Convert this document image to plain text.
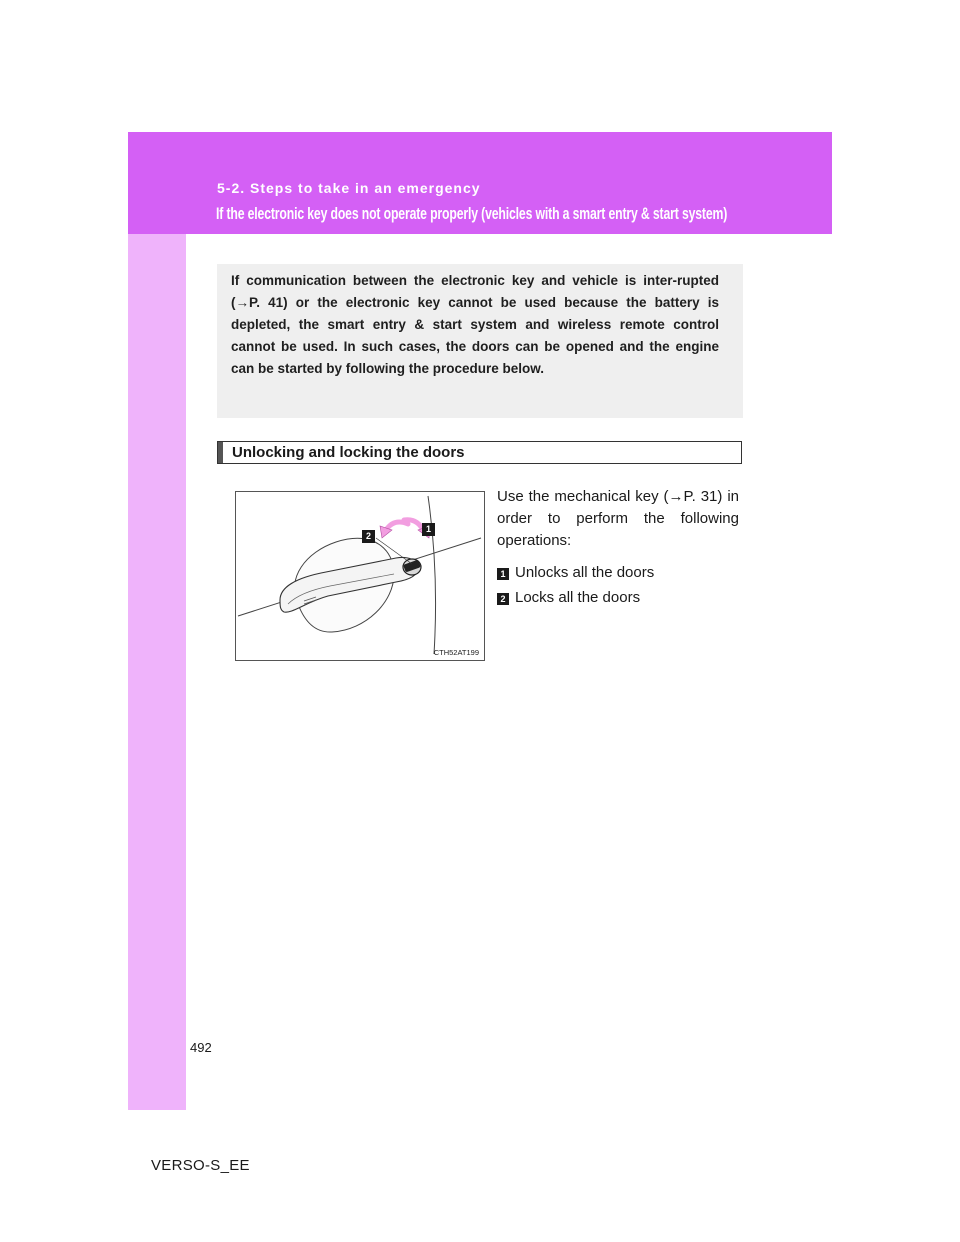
5-2. Steps to take in an emergency
If the electronic key does not operate properly (vehicles with a smart entry & start system)

If communication between the electronic key and vehicle is inter-rupted (→P. 41) or the electronic key cannot be used because the battery is depleted, the smart entry & start system and wireless remote control cannot be used. In such cases, the doors can be opened and the engine can be started by following the procedure below.

Unlocking and locking the doors
2
1
CTH52AT199

Use the mechanical key (→P. 31) in order to perform the following operations:

1 Unlocks all the doors
2 Locks all the doors
492
VERSO-S_EE
